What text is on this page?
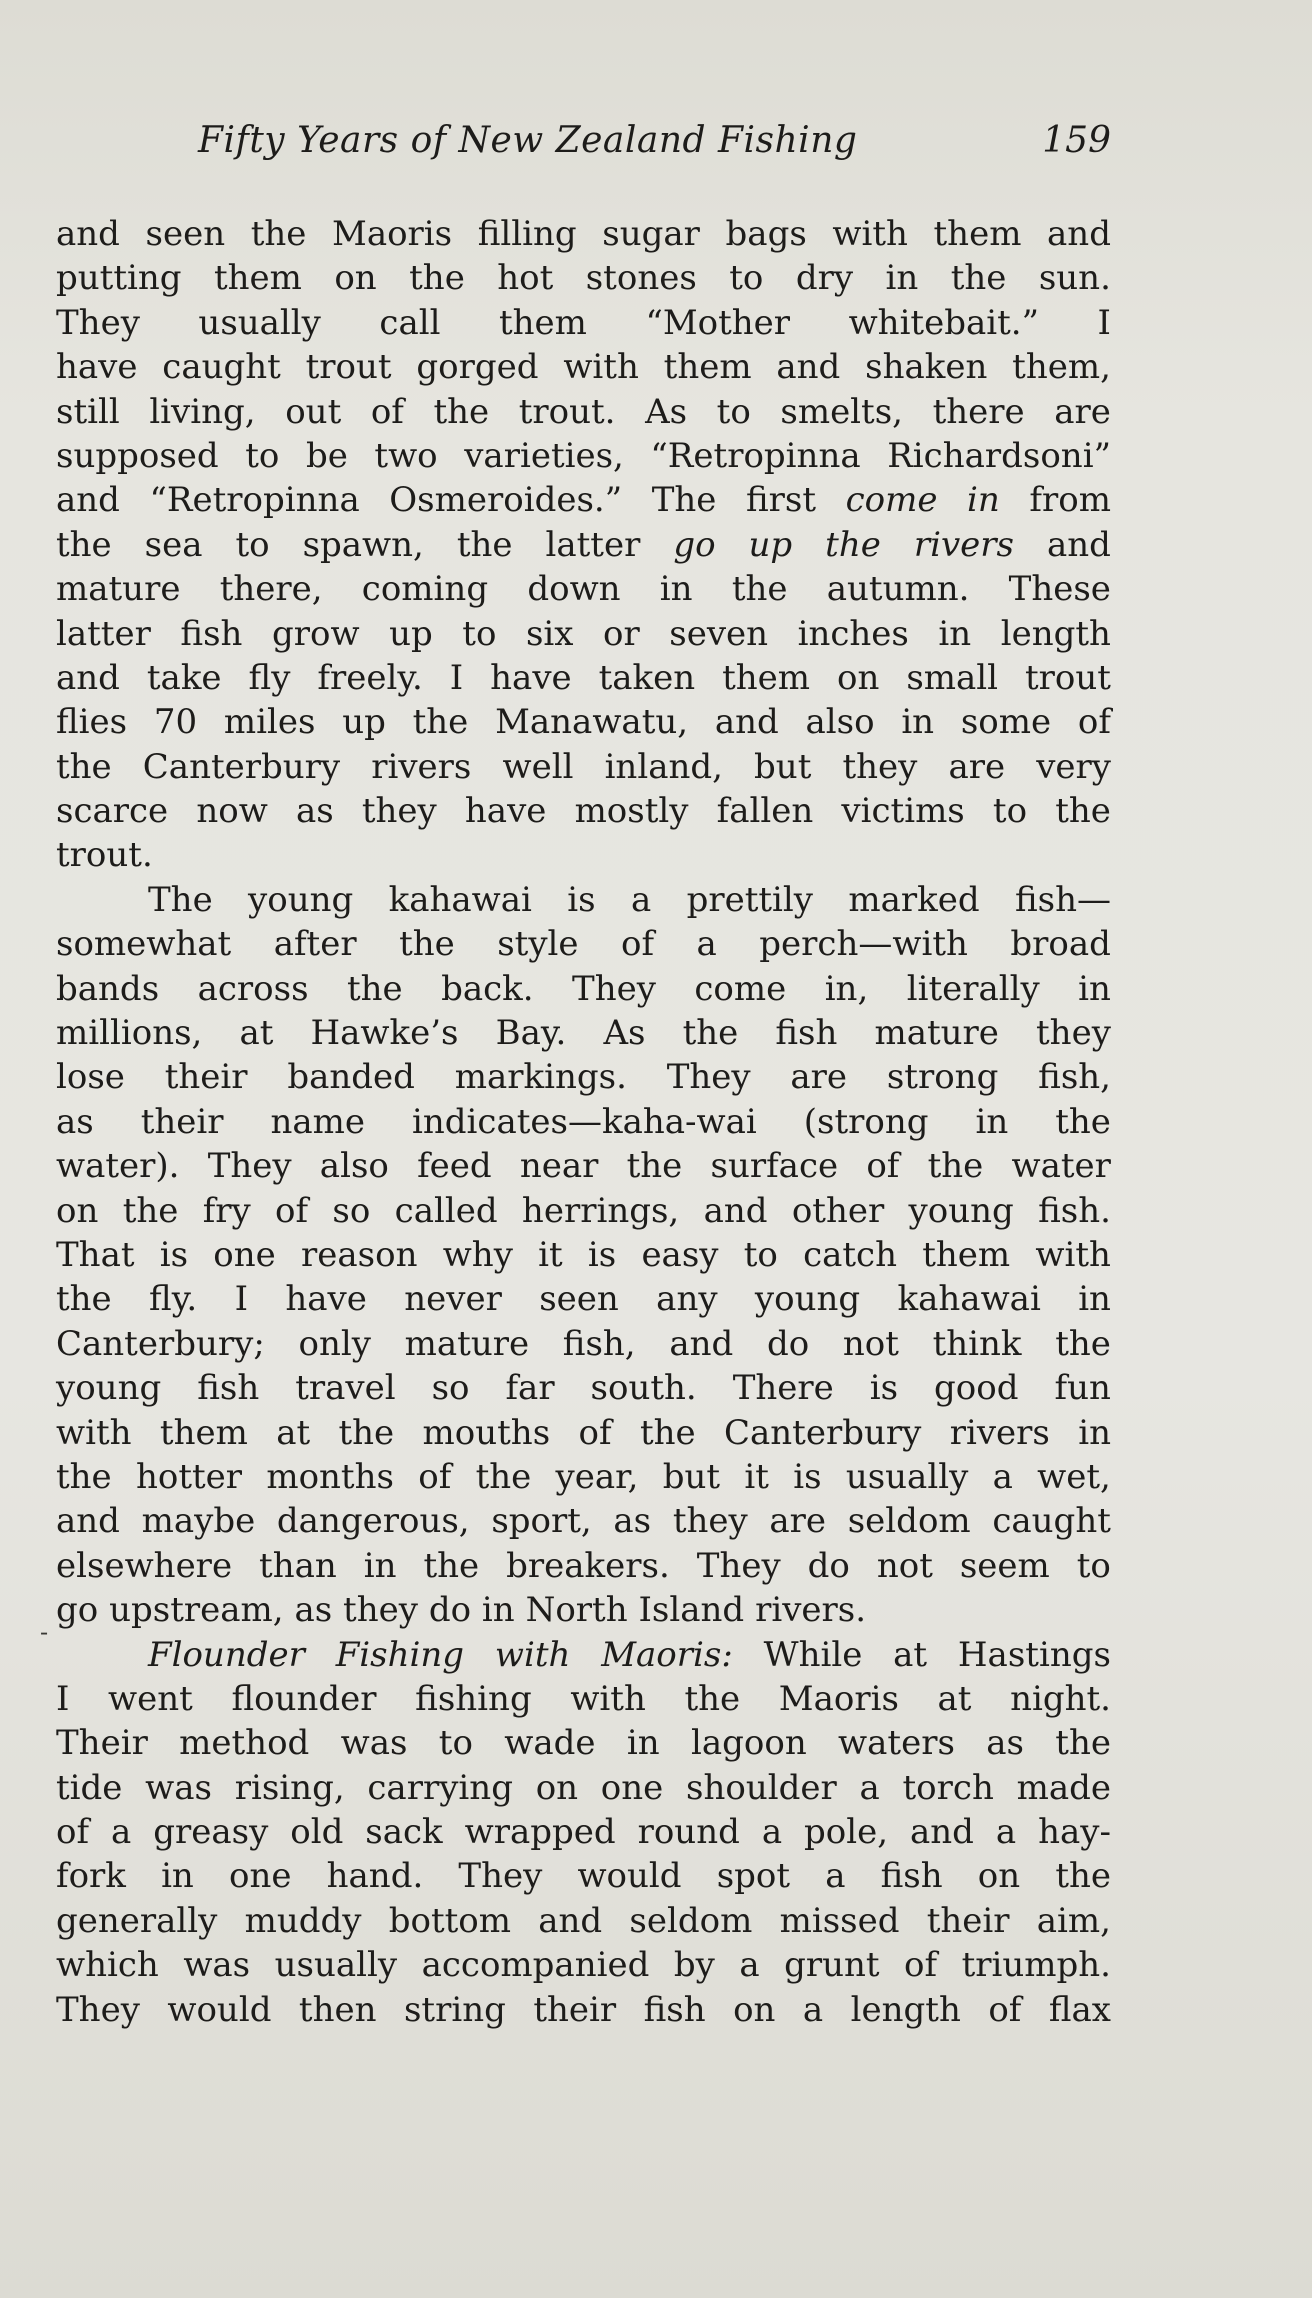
Fifty Years of New Zealand Fishing	159
‐
and seen the Maoris filling sugar bags with them and
putting them on the hot stones to dry in the sun.
They usually call them “Mother whitebait.” I
have caught trout gorged with them and shaken them,
still living, out of the trout. As to smelts, there are
supposed to be two varieties, “Retropinna Richardsoni”
and “Retropinna Osmeroides.” The first come in from
the sea to spawn, the latter go up the rivers and
mature there, coming down in the autumn. These
latter fish grow up to six or seven inches in length
and take fly freely. I have taken them on small trout
flies 70 miles up the Manawatu, and also in some of
the Canterbury rivers well inland, but they are very
scarce now as they have mostly fallen victims to the
trout.
The young kahawai is a prettily marked fish—
somewhat after the style of a perch—with broad
bands across the back. They come in, literally in
millions, at Hawke’s Bay. As the fish mature they
lose their banded markings. They are strong fish,
as their name indicates—kaha-wai (strong in the
water). They also feed near the surface of the water
on the fry of so called herrings, and other young fish.
That is one reason why it is easy to catch them with
the fly. I have never seen any young kahawai in
Canterbury; only mature fish, and do not think the
young fish travel so far south. There is good fun
with them at the mouths of the Canterbury rivers in
the hotter months of the year, but it is usually a wet,
and maybe dangerous, sport, as they are seldom caught
elsewhere than in the breakers. They do not seem to
go upstream, as they do in North Island rivers.
Flounder Fishing with Maoris: While at Hastings
I went flounder fishing with the Maoris at night.
Their method was to wade in lagoon waters as the
tide was rising, carrying on one shoulder a torch made
of a greasy old sack wrapped round a pole, and a hay-
fork in one hand. They would spot a fish on the
generally muddy bottom and seldom missed their aim,
which was usually accompanied by a grunt of triumph.
They would then string their fish on a length of flax
